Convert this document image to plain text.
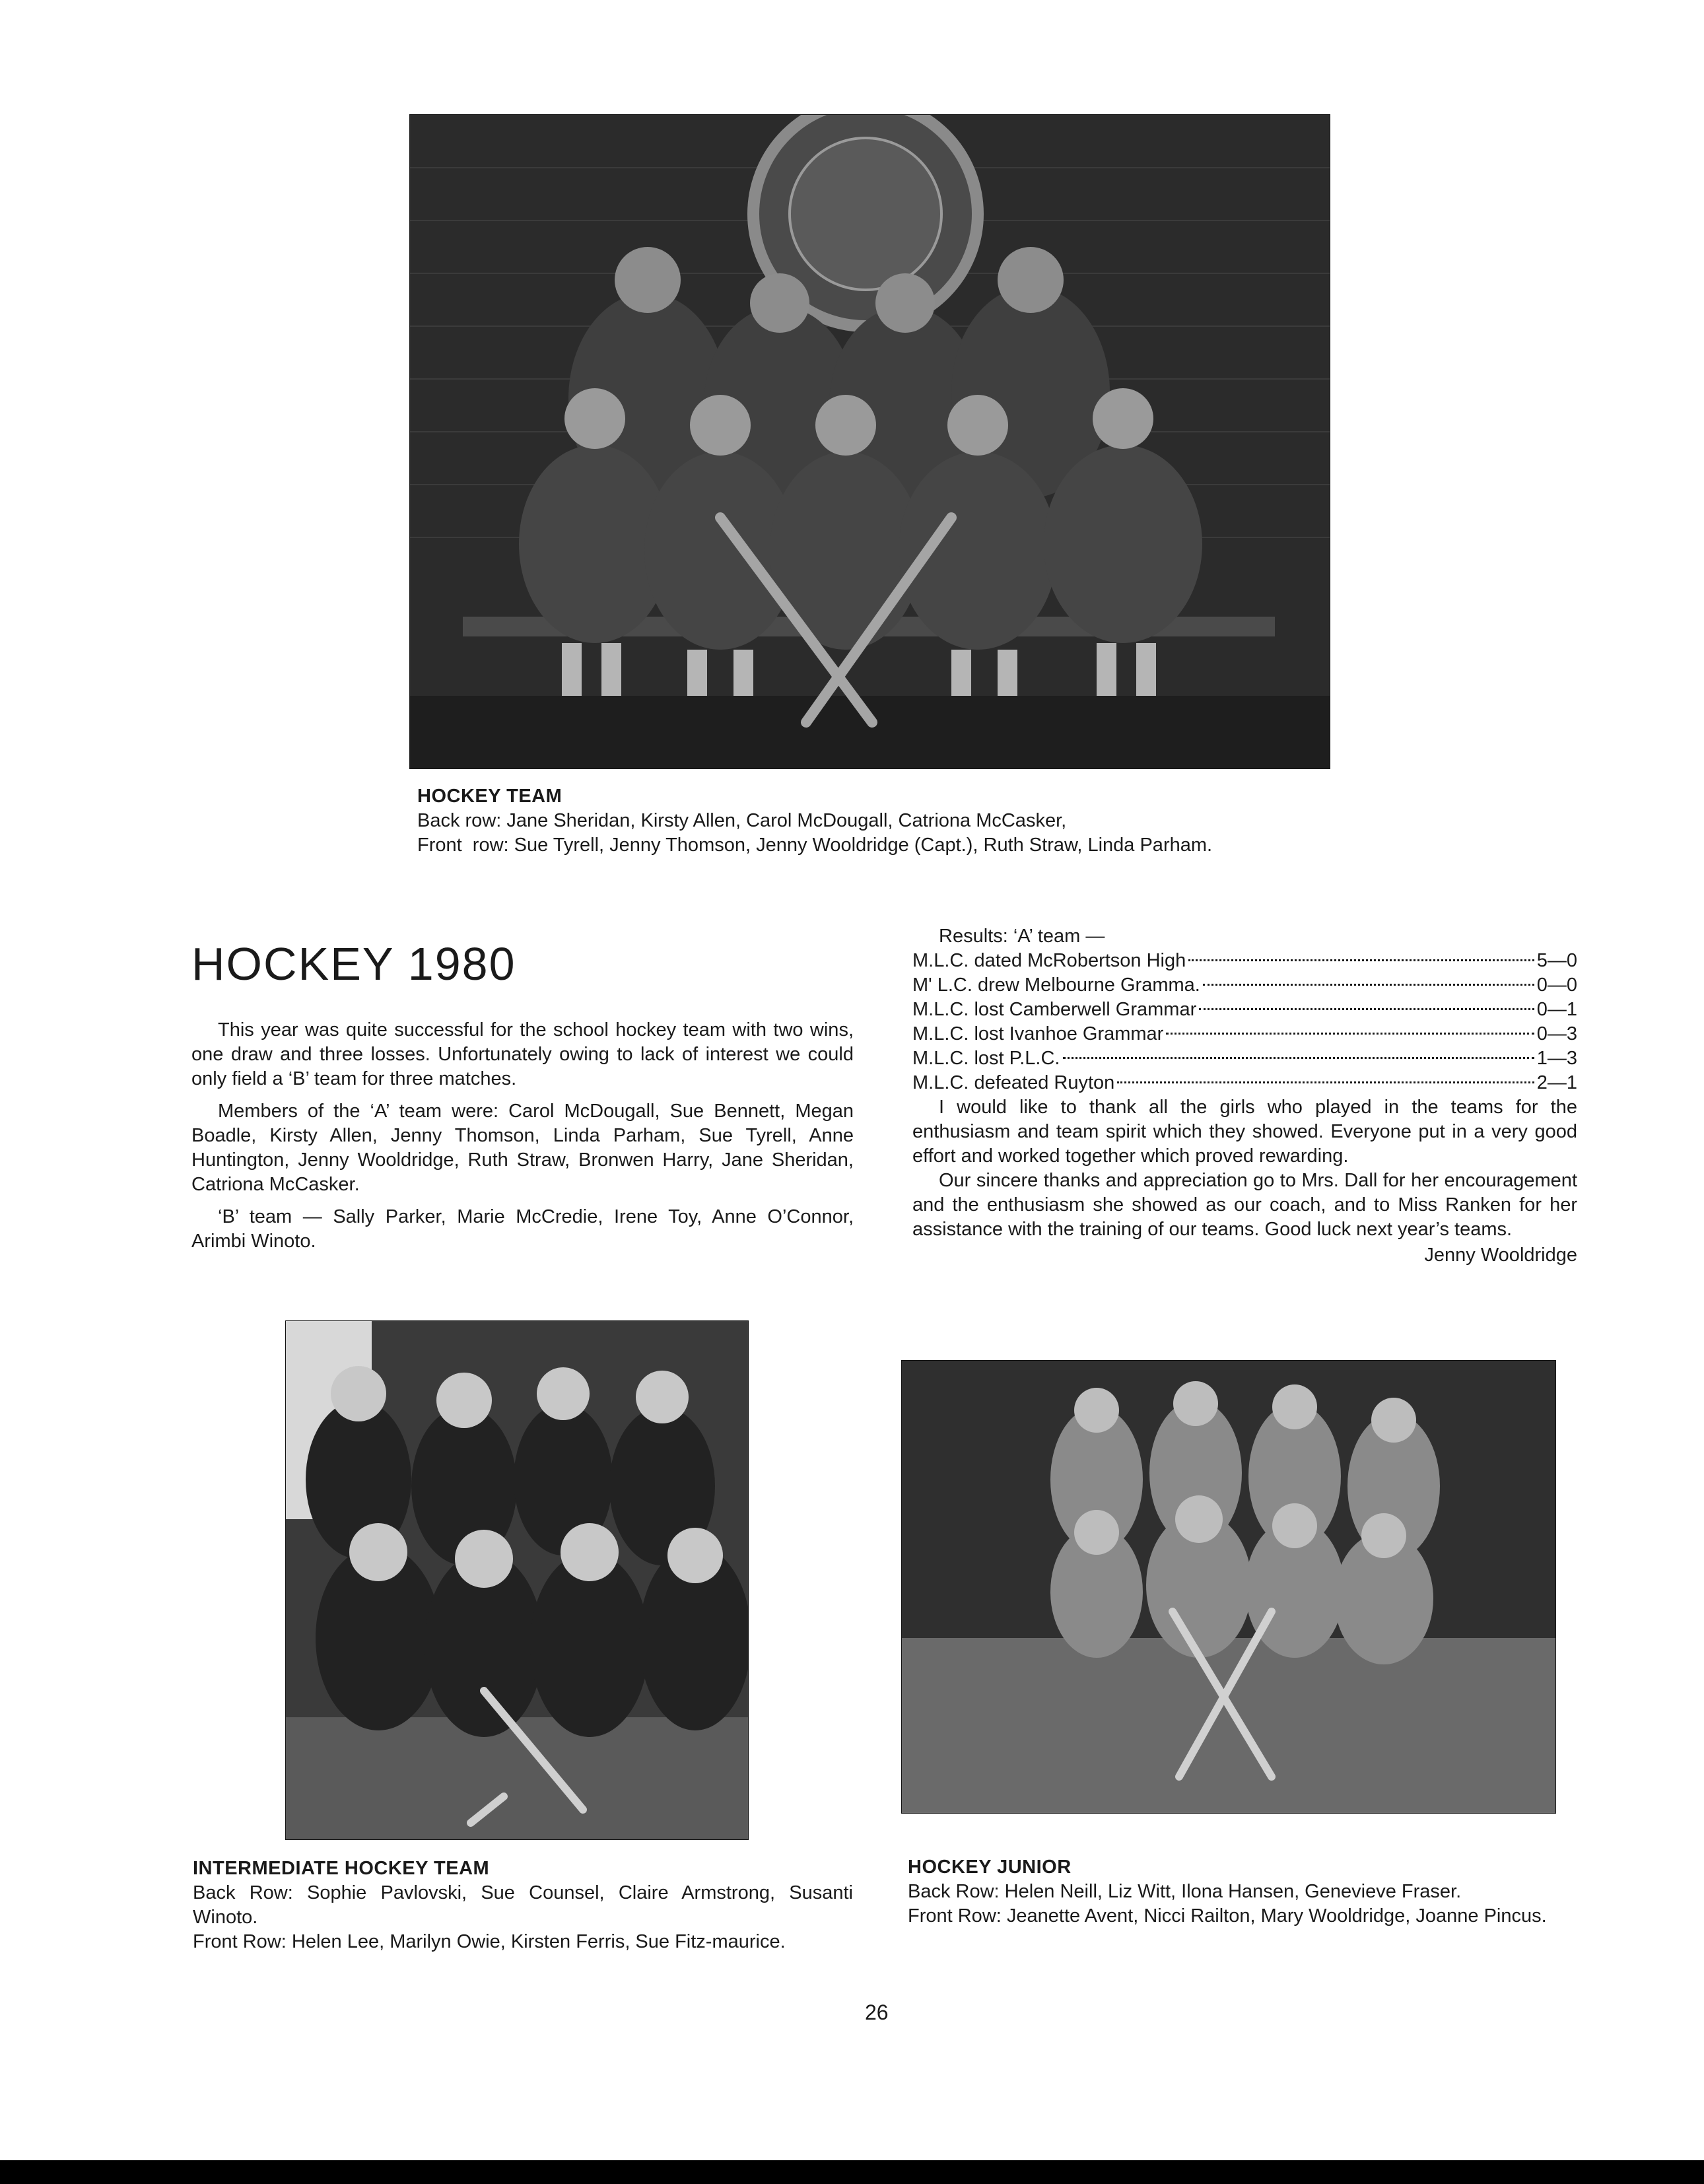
HOCKEY TEAM
Back row: Jane Sheridan, Kirsty Allen, Carol McDougall, Catriona McCasker,
Front  row: Sue Tyrell, Jenny Thomson, Jenny Wooldridge (Capt.), Ruth Straw, Linda Parham.
HOCKEY 1980

This year was quite successful for the school hockey team with two wins, one draw and three losses. Unfortunately owing to lack of interest we could only field a ‘B’ team for three matches.

Members of the ‘A’ team were: Carol McDougall, Sue Bennett, Megan Boadle, Kirsty Allen, Jenny Thomson, Linda Parham, Sue Tyrell, Anne Huntington, Jenny Wooldridge, Ruth Straw, Bronwen Harry, Jane Sheridan, Catriona McCasker.

‘B’ team — Sally Parker, Marie McCredie, Irene Toy, Anne O’Connor, Arimbi Winoto.

Results: ‘A’ team —
M.L.C. dated McRobertson High	5—0
M' L.C. drew Melbourne Gramma.	0—0
M.L.C. lost Camberwell Grammar	0—1
M.L.C. lost Ivanhoe Grammar	0—3
M.L.C. lost P.L.C.	1—3
M.L.C. defeated Ruyton	2—1

I would like to thank all the girls who played in the teams for the enthusiasm and team spirit which they showed. Everyone put in a very good effort and worked together which proved rewarding.

Our sincere thanks and appreciation go to Mrs. Dall for her encouragement and the enthusiasm she showed as our coach, and to Miss Ranken for her assistance with the training of our teams. Good luck next year’s teams.

Jenny Wooldridge
INTERMEDIATE HOCKEY TEAM
Back Row: Sophie Pavlovski, Sue Counsel, Claire Armstrong, Susanti Winoto.
Front Row: Helen Lee, Marilyn Owie, Kirsten Ferris, Sue Fitz-maurice.
HOCKEY JUNIOR
Back Row: Helen Neill, Liz Witt, Ilona Hansen, Genevieve Fraser.
Front Row: Jeanette Avent, Nicci Railton, Mary Wooldridge, Joanne Pincus.
26
